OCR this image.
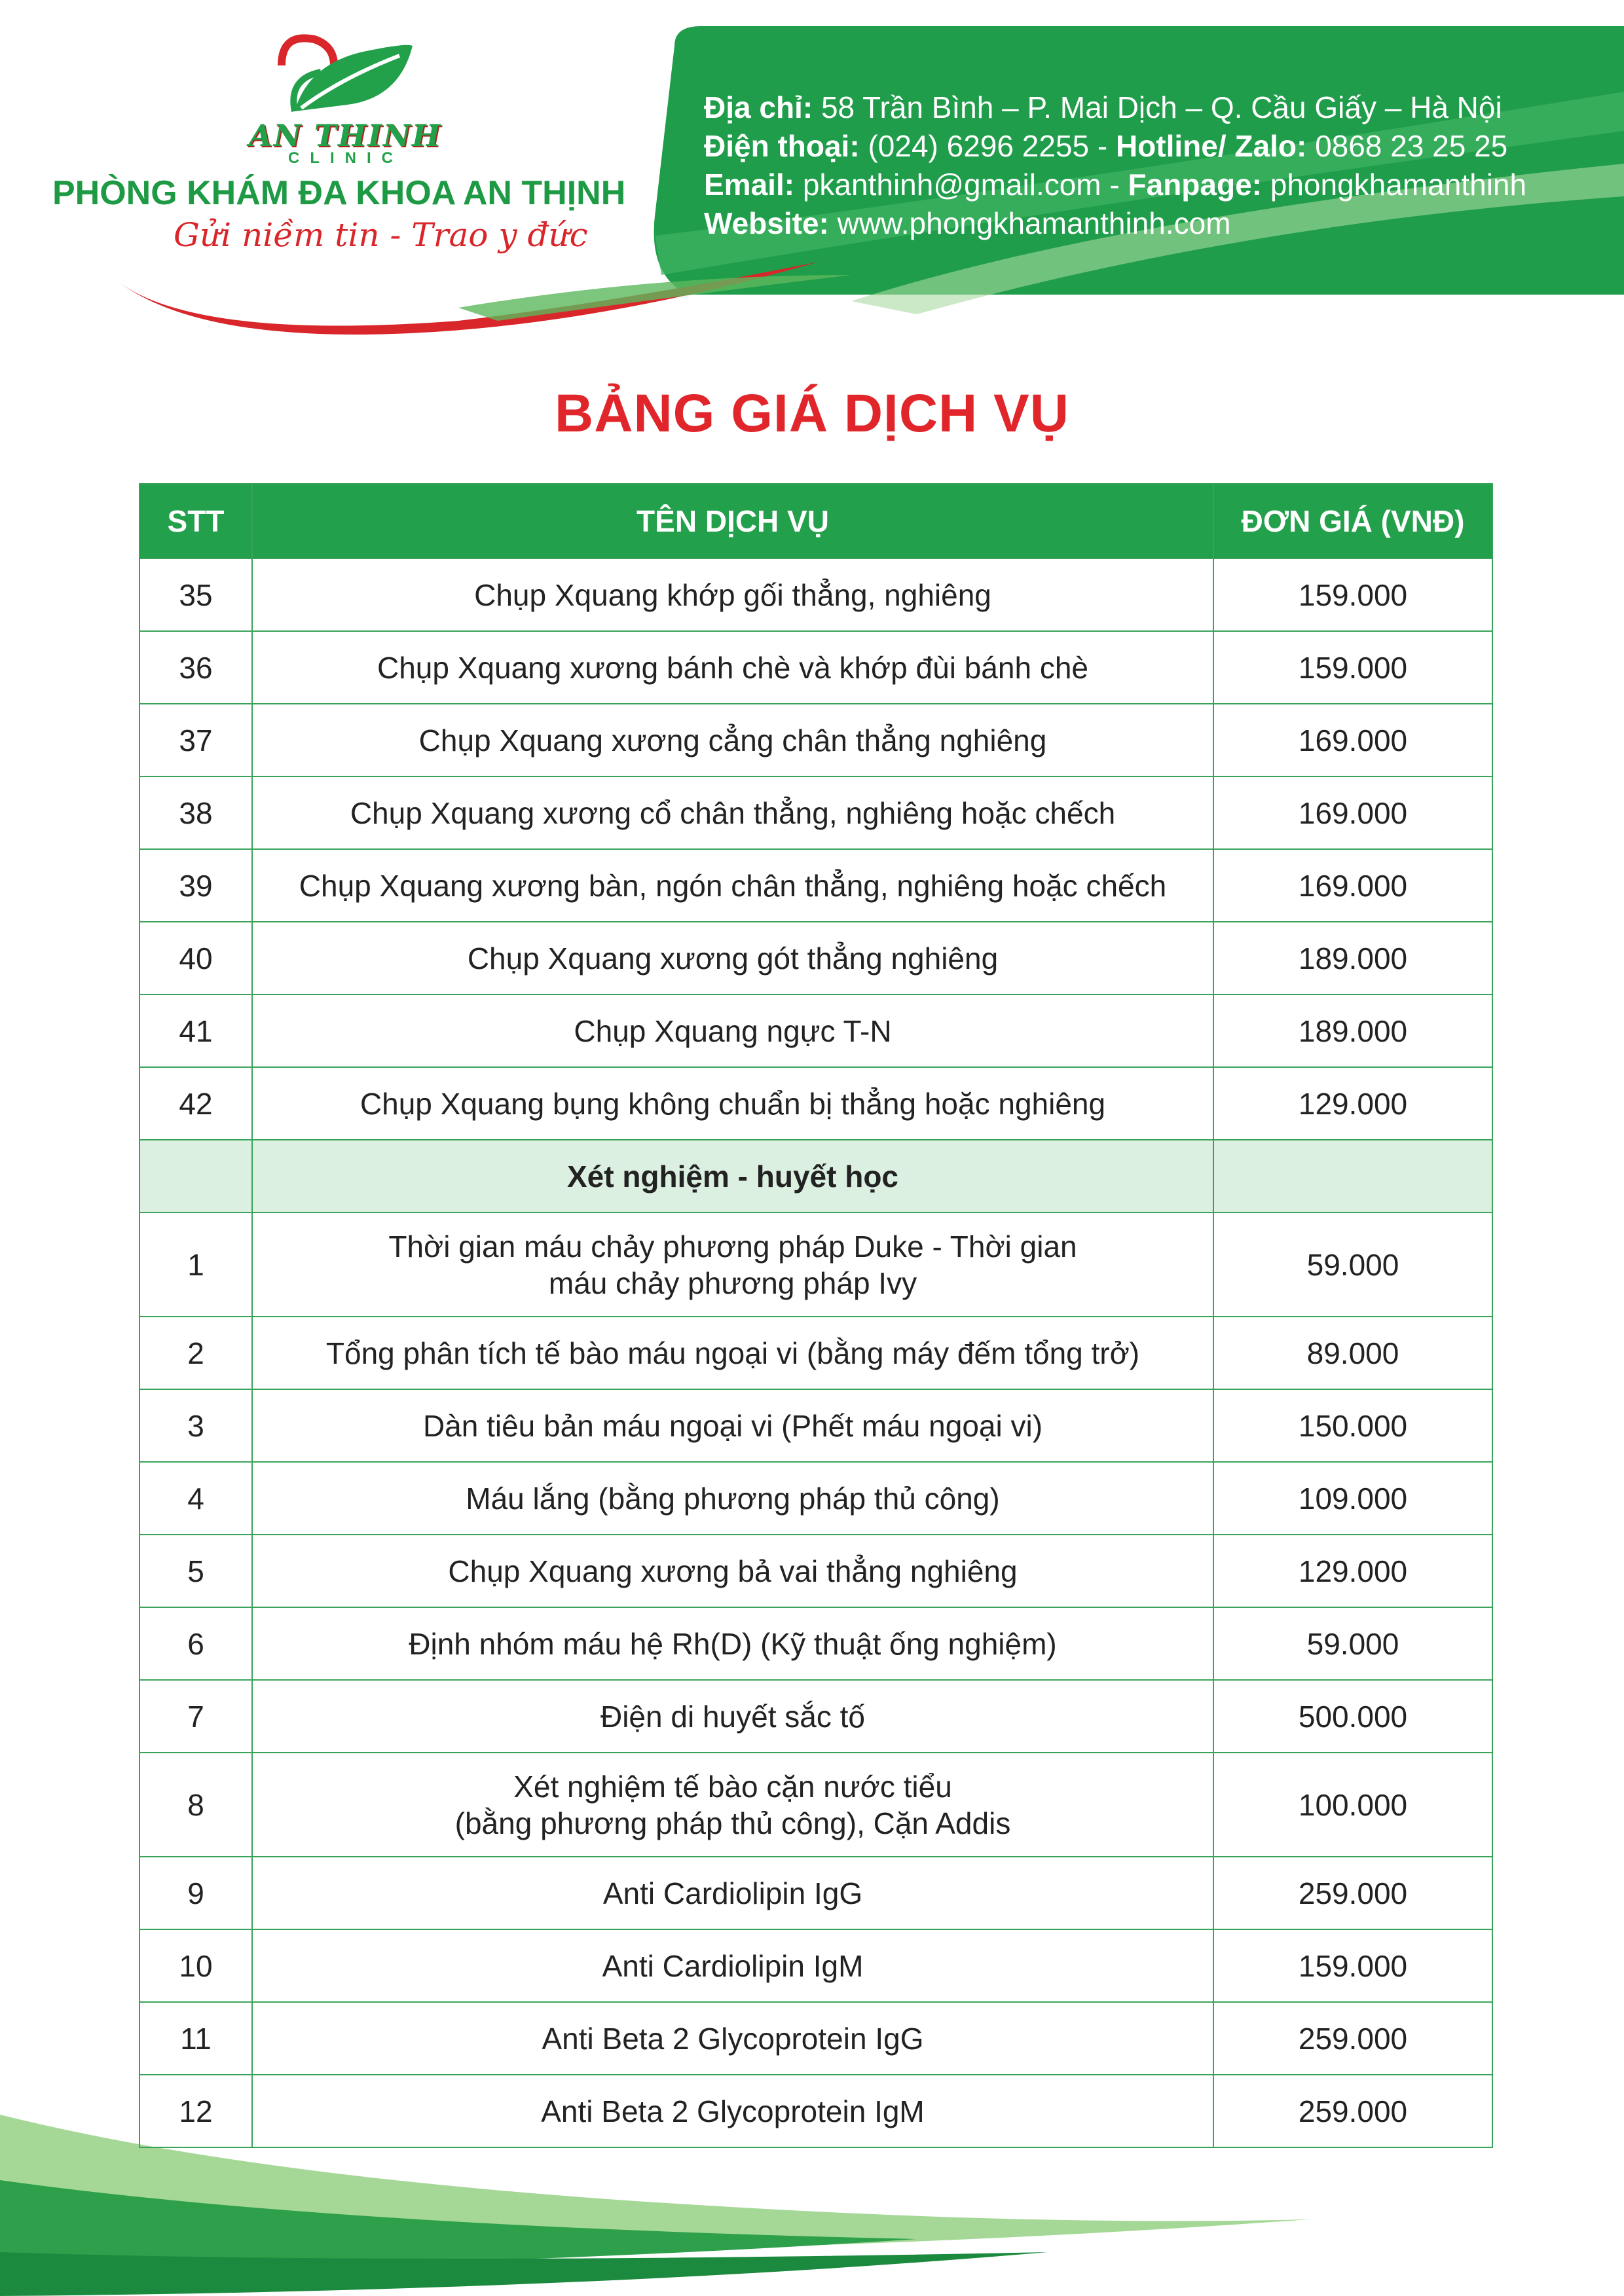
AN THINH
CLINIC
PHÒNG KHÁM ĐA KHOA AN THỊNH
Gửi niềm tin - Trao y đức
Địa chỉ: 58 Trần Bình – P. Mai Dịch – Q. Cầu Giấy – Hà Nội
Điện thoại: (024) 6296 2255 - Hotline/ Zalo: 0868 23 25 25
Email: pkanthinh@gmail.com - Fanpage: phongkhamanthinh
Website: www.phongkhamanthinh.com
BẢNG GIÁ DỊCH VỤ
STT	TÊN DỊCH VỤ	ĐƠN GIÁ (VNĐ)
35	Chụp Xquang khớp gối thẳng, nghiêng	159.000
36	Chụp Xquang xương bánh chè và khớp đùi bánh chè	159.000
37	Chụp Xquang xương cẳng chân thẳng nghiêng	169.000
38	Chụp Xquang xương cổ chân thẳng, nghiêng hoặc chếch	169.000
39	Chụp Xquang xương bàn, ngón chân thẳng, nghiêng hoặc chếch	169.000
40	Chụp Xquang xương gót thẳng nghiêng	189.000
41	Chụp Xquang ngực T-N	189.000
42	Chụp Xquang bụng không chuẩn bị thẳng hoặc nghiêng	129.000
	Xét nghiệm - huyết học	
1	Thời gian máu chảy phương pháp Duke - Thời gian
máu chảy phương pháp Ivy	59.000
2	Tổng phân tích tế bào máu ngoại vi (bằng máy đếm tổng trở)	89.000
3	Dàn tiêu bản máu ngoại vi (Phết máu ngoại vi)	150.000
4	Máu lắng (bằng phương pháp thủ công)	109.000
5	Chụp Xquang xương bả vai thẳng nghiêng	129.000
6	Định nhóm máu hệ Rh(D) (Kỹ thuật ống nghiệm)	59.000
7	Điện di huyết sắc tố	500.000
8	Xét nghiệm tế bào cặn nước tiểu
(bằng phương pháp thủ công), Cặn Addis	100.000
9	Anti Cardiolipin IgG	259.000
10	Anti Cardiolipin IgM	159.000
11	Anti Beta 2 Glycoprotein IgG	259.000
12	Anti Beta 2 Glycoprotein IgM	259.000
